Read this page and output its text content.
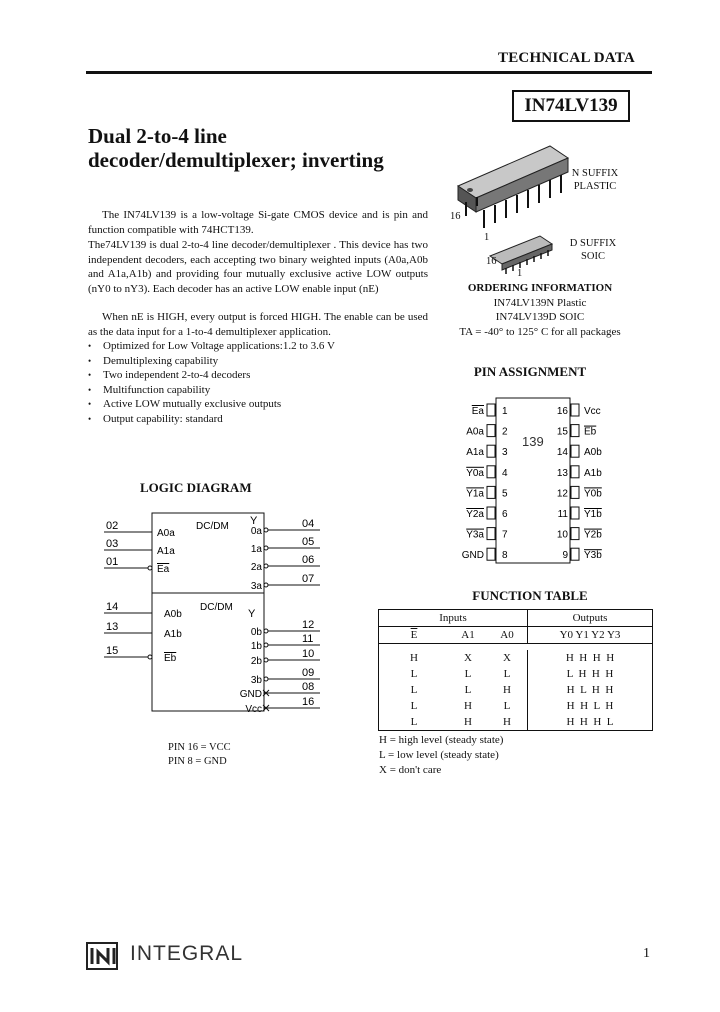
TECHNICAL DATA
IN74LV139
Dual 2-to-4 line
decoder/demultiplexer; inverting
The IN74LV139 is a low-voltage Si-gate CMOS device and is pin and function compatible with 74HCT139.
The74LV139 is dual 2-to-4 line decoder/demultiplexer . This device has two independent decoders, each accepting two binary weighted inputs (A0a,A0b and A1a,A1b) and providing four mutually exclusive active LOW outputs (nY0 to nY3). Each decoder has an active LOW enable input (nE)
When nE is HIGH, every output is forced HIGH. The enable can be used as the data input for a 1-to-4 demultiplexer application.
• Optimized for Low Voltage applications:1.2 to 3.6 V
• Demultiplexing capability
• Two independent 2-to-4 decoders
• Multifunction capability
• Active LOW mutually exclusive outputs
• Output capability: standard
N SUFFIX
PLASTIC
16
1
D SUFFIX
SOIC
16
1
ORDERING INFORMATION
IN74LV139N Plastic
IN74LV139D SOIC
TA = -40° to 125° C for all packages
PIN ASSIGNMENT
139
1
Ea
2
A0a
3
A1a
4
Y0a
5
Y1a
6
Y2a
7
Y3a
8
GND
16 Vcc
15 Eb
14 A0b
13 A1b
12 Y0b
11 Y1b
10 Y2b
9 Y3b
LOGIC DIAGRAM
DC/DM Y
DC/DM
Y
02
A0a
03
A1a
01
Ea
0a
04
1a
05
2a
06
3a
07
14
A0b
13
A1b
15
Eb
0b
12
1b
11
2b
10
3b
09
GND
08
Vcc
16
PIN 16 = VCC
PIN 8 = GND
FUNCTION TABLE
Inputs			Outputs
$\overline{E}$	A1	A0	Y0 Y1 Y2 Y3

H	X	X	H  H  H  H
L	L	L	L  H  H  H
L	L	H	H  L  H  H
L	H	L	H  H  L  H
L	H	H	H  H  H  L
H = high level (steady state)
L = low level (steady state)
X = don't care
INTEGRAL	1
